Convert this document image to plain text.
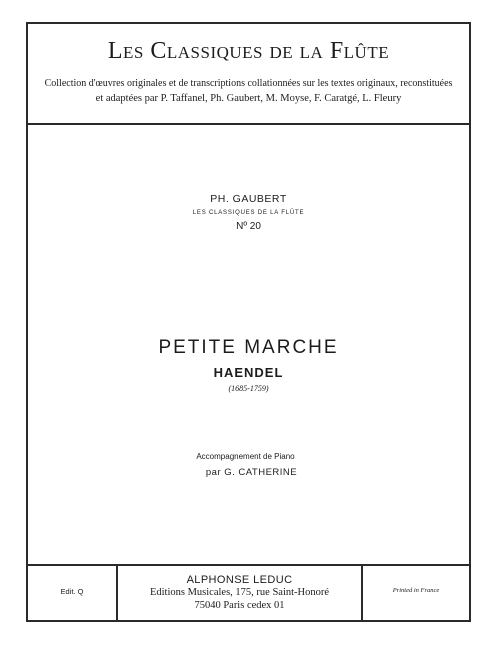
Les Classiques de la Flûte
Collection d'œuvres originales et de transcriptions collationnées sur les textes originaux, reconstituées
et adaptées par P. Taffanel, Ph. Gaubert, M. Moyse, F. Caratgé, L. Fleury
PH. GAUBERT
LES CLASSIQUES DE LA FLÛTE
Nº 20
PETITE MARCHE
HAENDEL
(1685-1759)
Accompagnement de Piano
par G. CATHERINE
Edit. Q
ALPHONSE LEDUC
Editions Musicales, 175, rue Saint-Honoré
75040 Paris cedex 01
Printed in France
